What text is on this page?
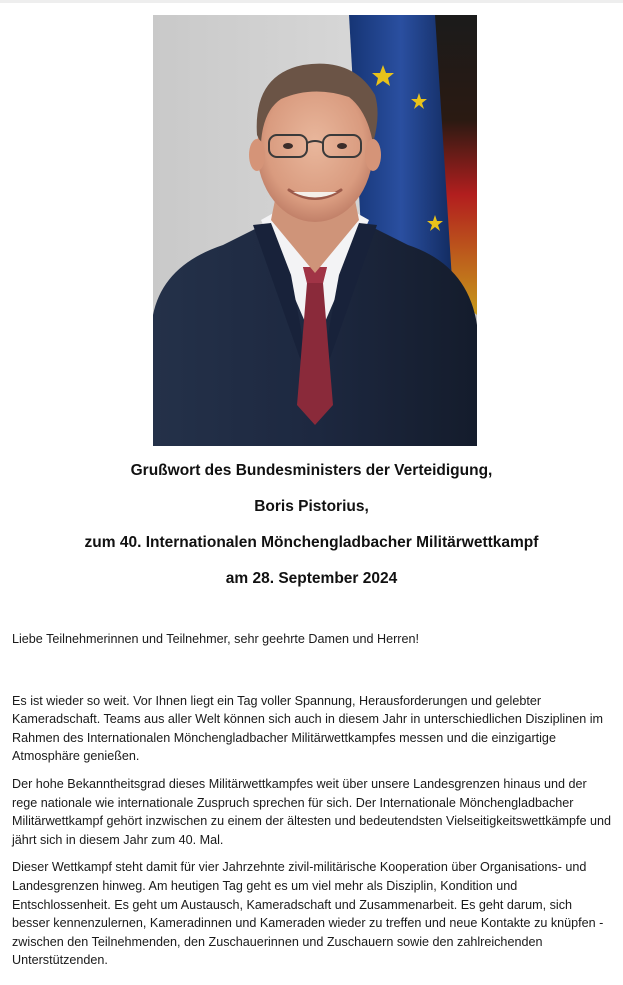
Grußwort des Bundesministers der Verteidigung,
Boris Pistorius,
zum 40. Internationalen Mönchengladbacher Militärwettkampf
am 28. September 2024

Liebe Teilnehmerinnen und Teilnehmer, sehr geehrte Damen und Herren!

Es ist wieder so weit. Vor Ihnen liegt ein Tag voller Spannung, Herausforderungen und gelebter Kameradschaft. Teams aus aller Welt können sich auch in diesem Jahr in unterschiedlichen Disziplinen im Rahmen des Internationalen Mönchengladbacher Militärwettkampfes messen und die einzigartige Atmosphäre genießen.

Der hohe Bekanntheitsgrad dieses Militärwettkampfes weit über unsere Landesgrenzen hinaus und der rege nationale wie internationale Zuspruch sprechen für sich. Der Internationale Mönchengladbacher Militärwettkampf gehört inzwischen zu einem der ältesten und bedeutendsten Vielseitigkeitswettkämpfe und jährt sich in diesem Jahr zum 40. Mal.

Dieser Wettkampf steht damit für vier Jahrzehnte zivil-militärische Kooperation über Organisations- und Landesgrenzen hinweg. Am heutigen Tag geht es um viel mehr als Disziplin, Kondition und Entschlossenheit. Es geht um Austausch, Kameradschaft und Zusammenarbeit. Es geht darum, sich besser kennenzulernen, Kameradinnen und Kameraden wieder zu treffen und neue Kontakte zu knüpfen - zwischen den Teilnehmenden, den Zuschauerinnen und Zuschauern sowie den zahlreichenden Unterstützenden.
